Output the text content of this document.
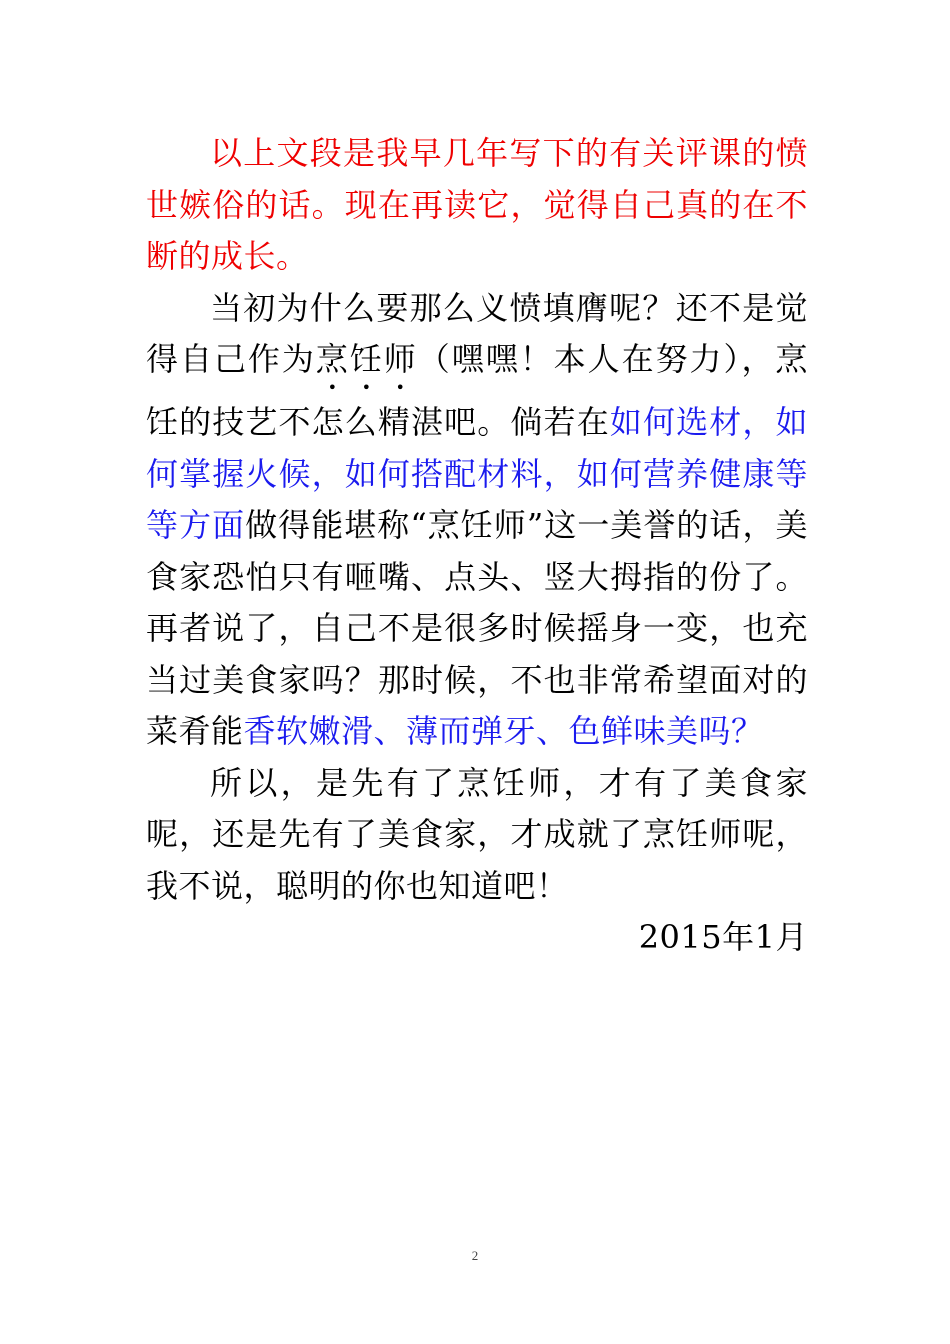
以上文段是我早几年写下的有关评课的愤世嫉俗的话。现在再读它，觉得自己真的在不断的成长。

当初为什么要那么义愤填膺呢？还不是觉得自己作为烹饪师（嘿嘿！本人在努力），烹饪的技艺不怎么精湛吧。倘若在如何选材，如何掌握火候，如何搭配材料，如何营养健康等等方面做得能堪称“烹饪师”这一美誉的话，美食家恐怕只有咂嘴、点头、竖大拇指的份了。再者说了，自己不是很多时候摇身一变，也充当过美食家吗？那时候，不也非常希望面对的菜肴能香软嫩滑、薄而弹牙、色鲜味美吗？

所以，是先有了烹饪师，才有了美食家呢，还是先有了美食家，才成就了烹饪师呢，我不说，聪明的你也知道吧！

2015年1月

2
